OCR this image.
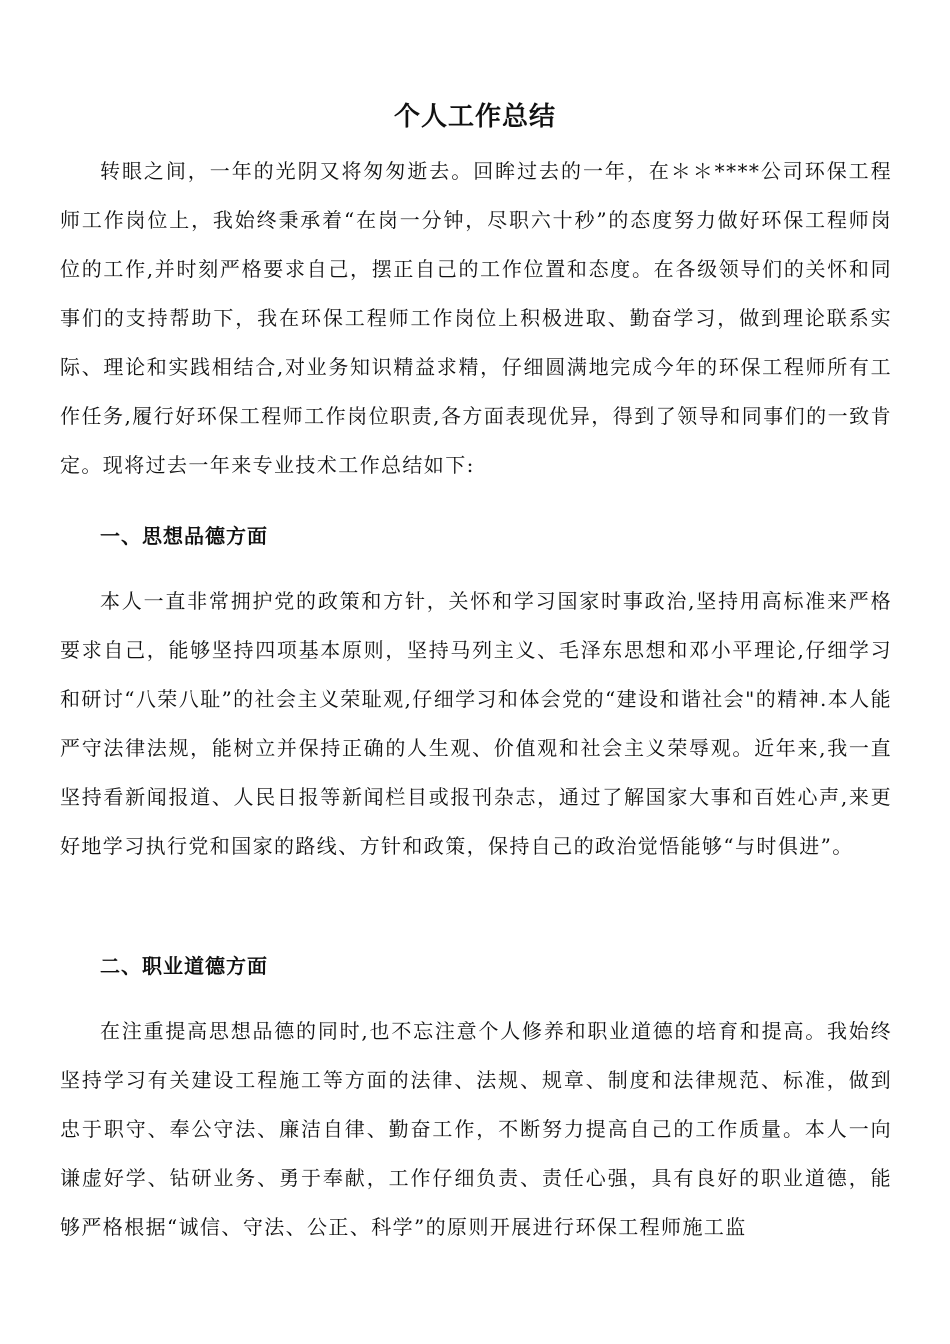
个人工作总结

转眼之间，一年的光阴又将匆匆逝去。回眸过去的一年，在＊＊****公司环保工程师工作岗位上，我始终秉承着“在岗一分钟，尽职六十秒”的态度努力做好环保工程师岗位的工作,并时刻严格要求自己，摆正自己的工作位置和态度。在各级领导们的关怀和同事们的支持帮助下，我在环保工程师工作岗位上积极进取、勤奋学习，做到理论联系实际、理论和实践相结合,对业务知识精益求精，仔细圆满地完成今年的环保工程师所有工作任务,履行好环保工程师工作岗位职责,各方面表现优异，得到了领导和同事们的一致肯定。现将过去一年来专业技术工作总结如下:

一、思想品德方面

本人一直非常拥护党的政策和方针，关怀和学习国家时事政治,坚持用高标准来严格要求自己，能够坚持四项基本原则，坚持马列主义、毛泽东思想和邓小平理论,仔细学习和研讨“八荣八耻”的社会主义荣耻观,仔细学习和体会党的“建设和谐社会"的精神.本人能严守法律法规，能树立并保持正确的人生观、价值观和社会主义荣辱观。近年来,我一直坚持看新闻报道、人民日报等新闻栏目或报刊杂志，通过了解国家大事和百姓心声,来更好地学习执行党和国家的路线、方针和政策，保持自己的政治觉悟能够“与时俱进”。

二、职业道德方面

在注重提高思想品德的同时,也不忘注意个人修养和职业道德的培育和提高。我始终坚持学习有关建设工程施工等方面的法律、法规、规章、制度和法律规范、标准，做到忠于职守、奉公守法、廉洁自律、勤奋工作，不断努力提高自己的工作质量。本人一向谦虚好学、钻研业务、勇于奉献，工作仔细负责、责任心强，具有良好的职业道德，能够严格根据“诚信、守法、公正、科学”的原则开展进行环保工程师施工监
